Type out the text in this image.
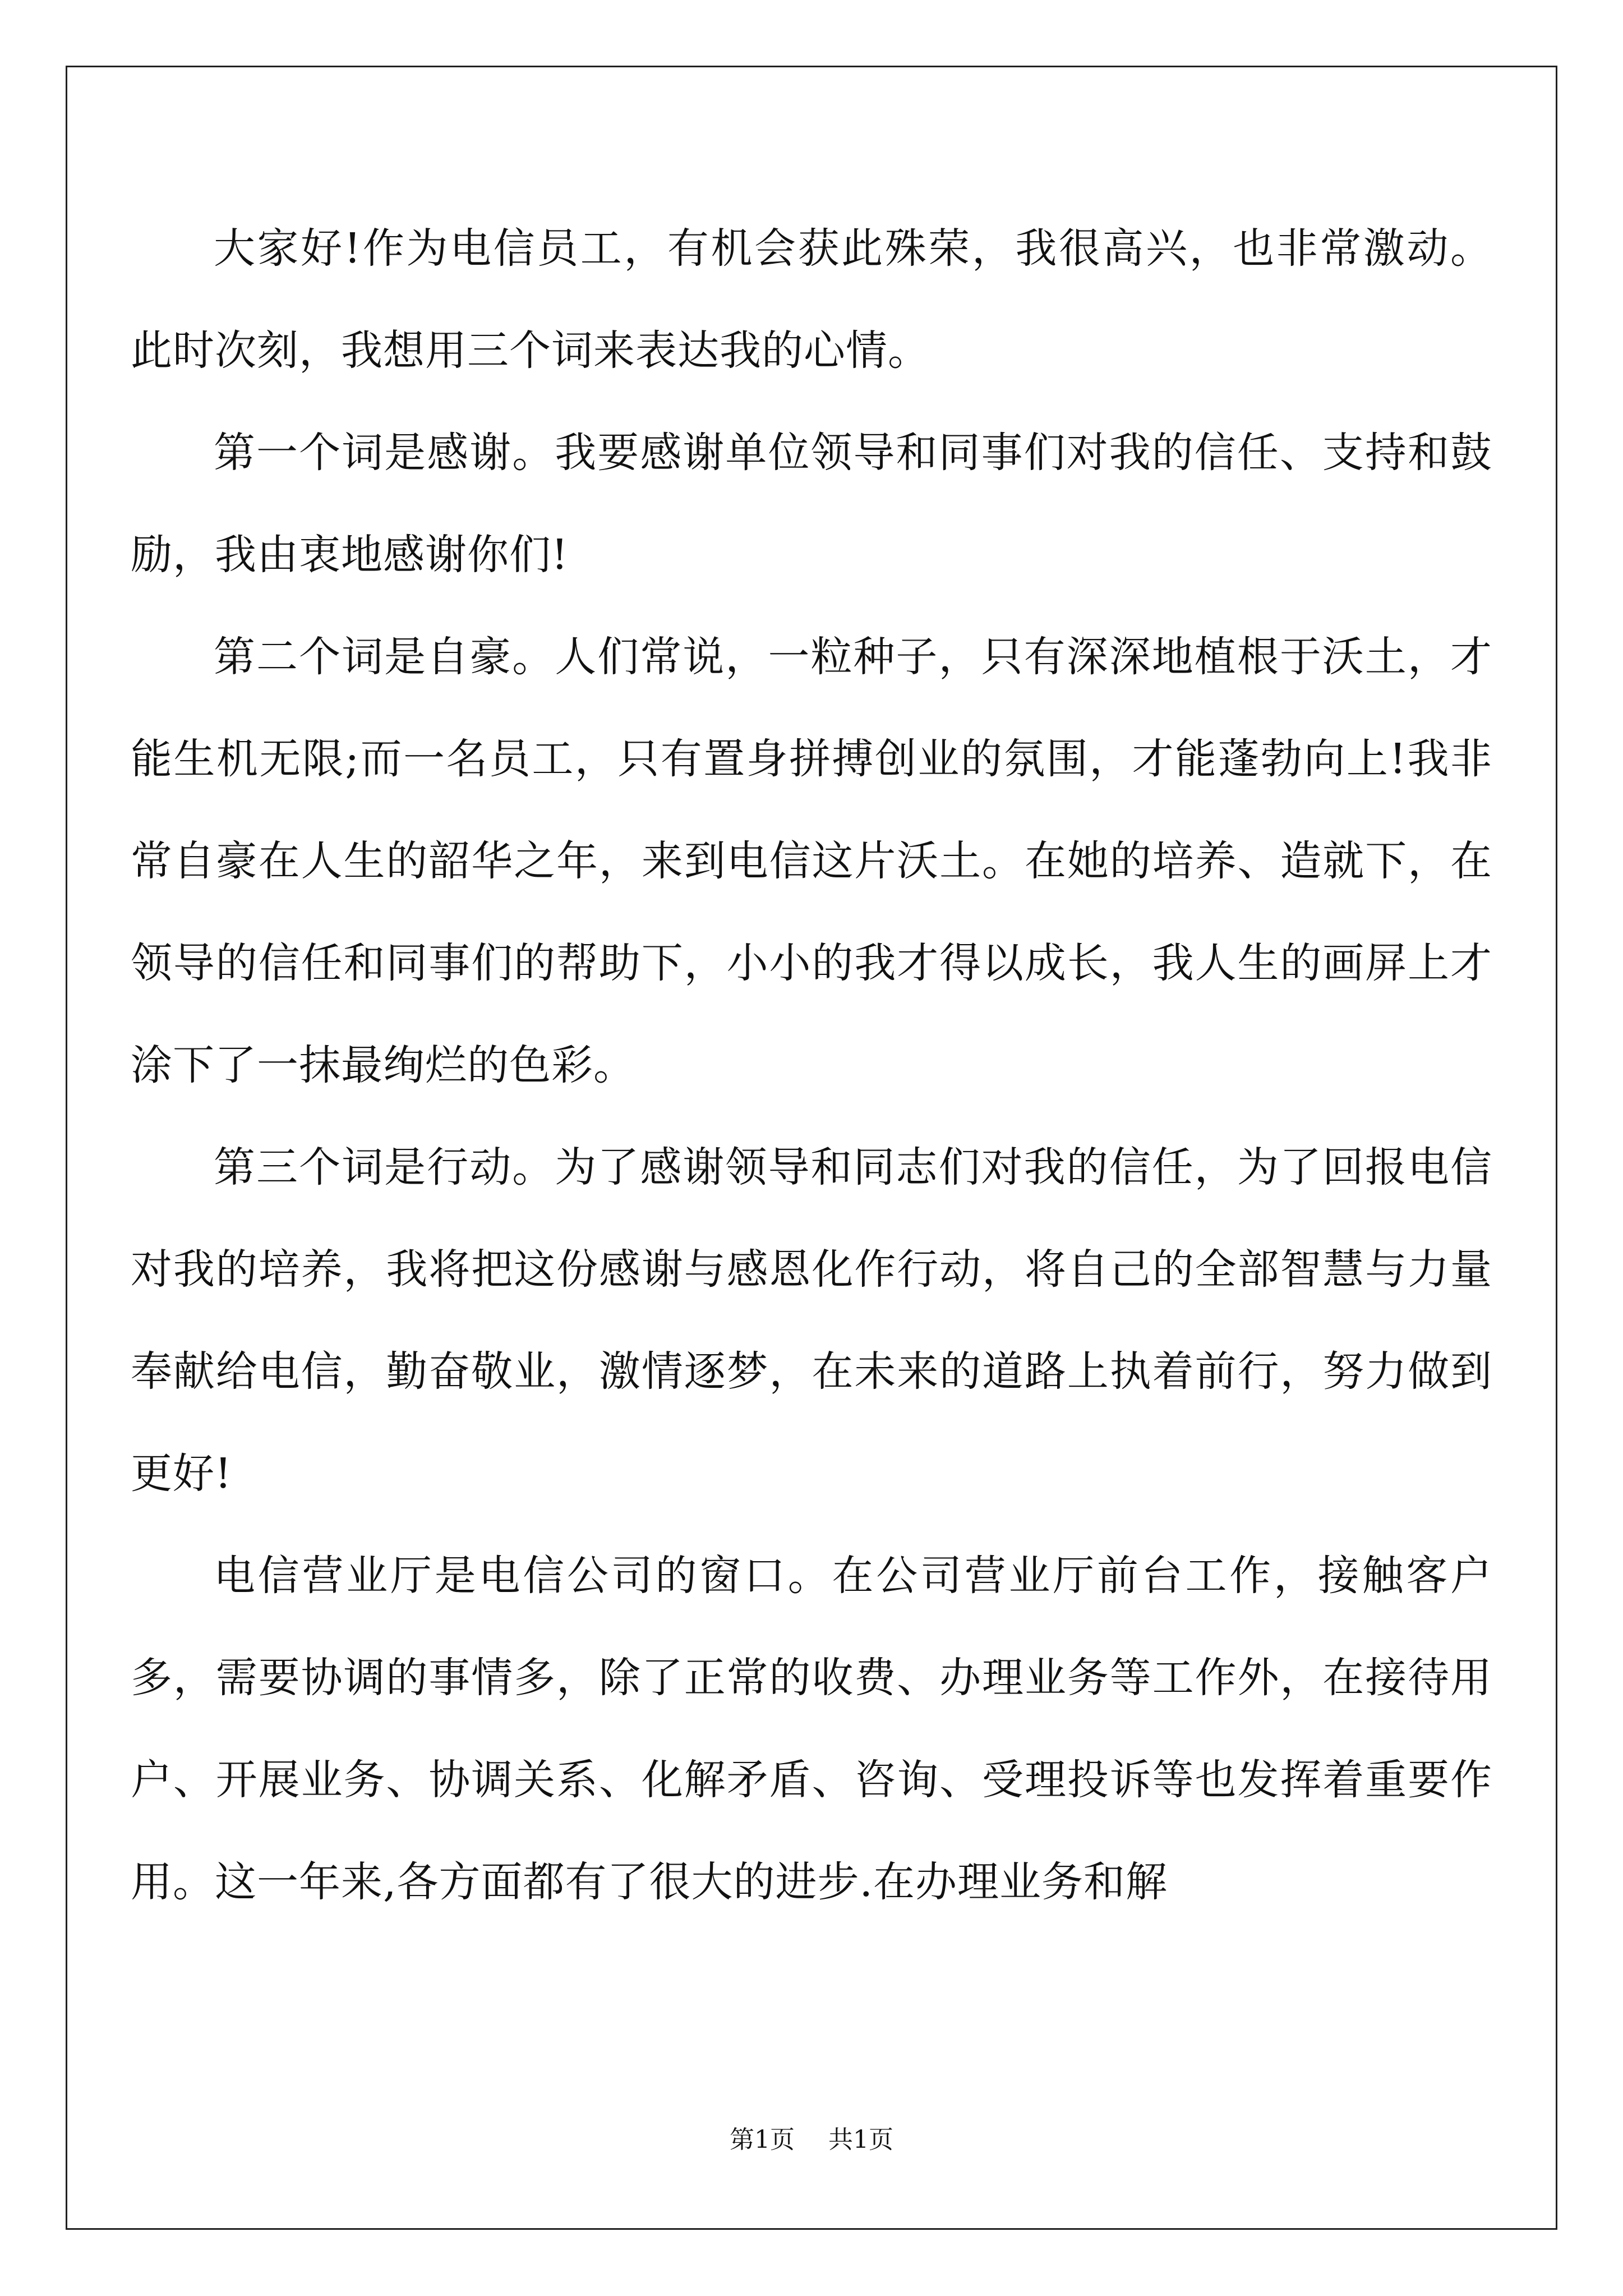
大家好!作为电信员工，有机会获此殊荣，我很高兴，也非常激动。此时次刻，我想用三个词来表达我的心情。

第一个词是感谢。我要感谢单位领导和同事们对我的信任、支持和鼓励，我由衷地感谢你们!

第二个词是自豪。人们常说，一粒种子，只有深深地植根于沃土，才能生机无限;而一名员工，只有置身拼搏创业的氛围，才能蓬勃向上!我非常自豪在人生的韶华之年，来到电信这片沃土。在她的培养、造就下，在领导的信任和同事们的帮助下，小小的我才得以成长，我人生的画屏上才涂下了一抹最绚烂的色彩。

第三个词是行动。为了感谢领导和同志们对我的信任，为了回报电信对我的培养，我将把这份感谢与感恩化作行动，将自己的全部智慧与力量奉献给电信，勤奋敬业，激情逐梦，在未来的道路上执着前行，努力做到更好!

电信营业厅是电信公司的窗口。在公司营业厅前台工作，接触客户多，需要协调的事情多，除了正常的收费、办理业务等工作外，在接待用户、开展业务、协调关系、化解矛盾、咨询、受理投诉等也发挥着重要作用。这一年来,各方面都有了很大的进步.在办理业务和解

第1页 共1页
